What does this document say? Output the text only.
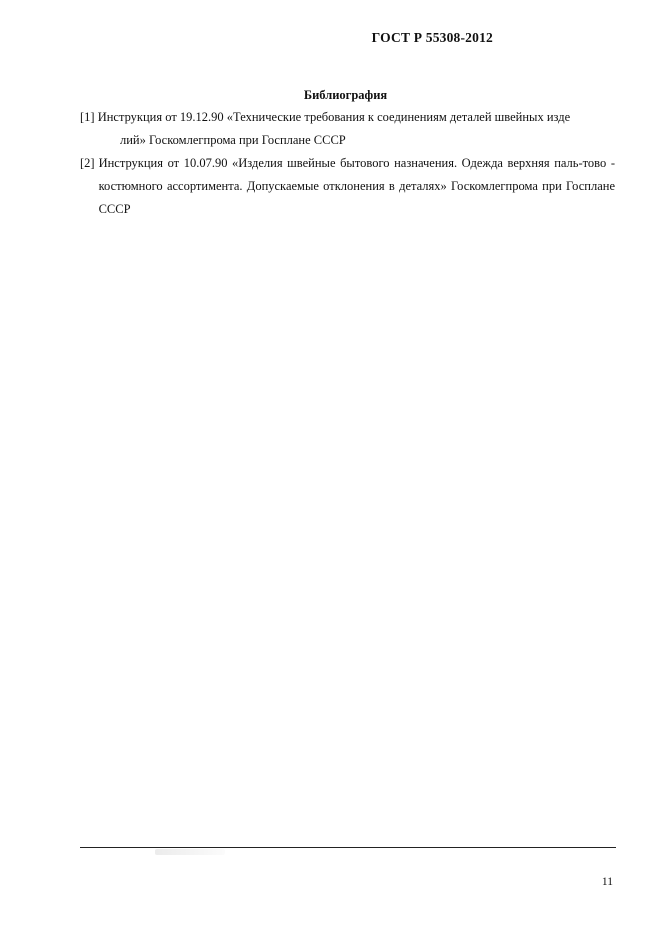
ГОСТ Р 55308-2012
Библиография
[1] Инструкция от 19.12.90 «Технические требования к соединениям деталей швейных изде
лий» Госкомлегпрома при Госплане СССР
[2] Инструкция от 10.07.90 «Изделия швейные бытового назначения. Одежда верхняя паль-тово - костюмного ассортимента. Допускаемые отклонения в деталях» Госкомлегпрома при Госплане СССР
11
